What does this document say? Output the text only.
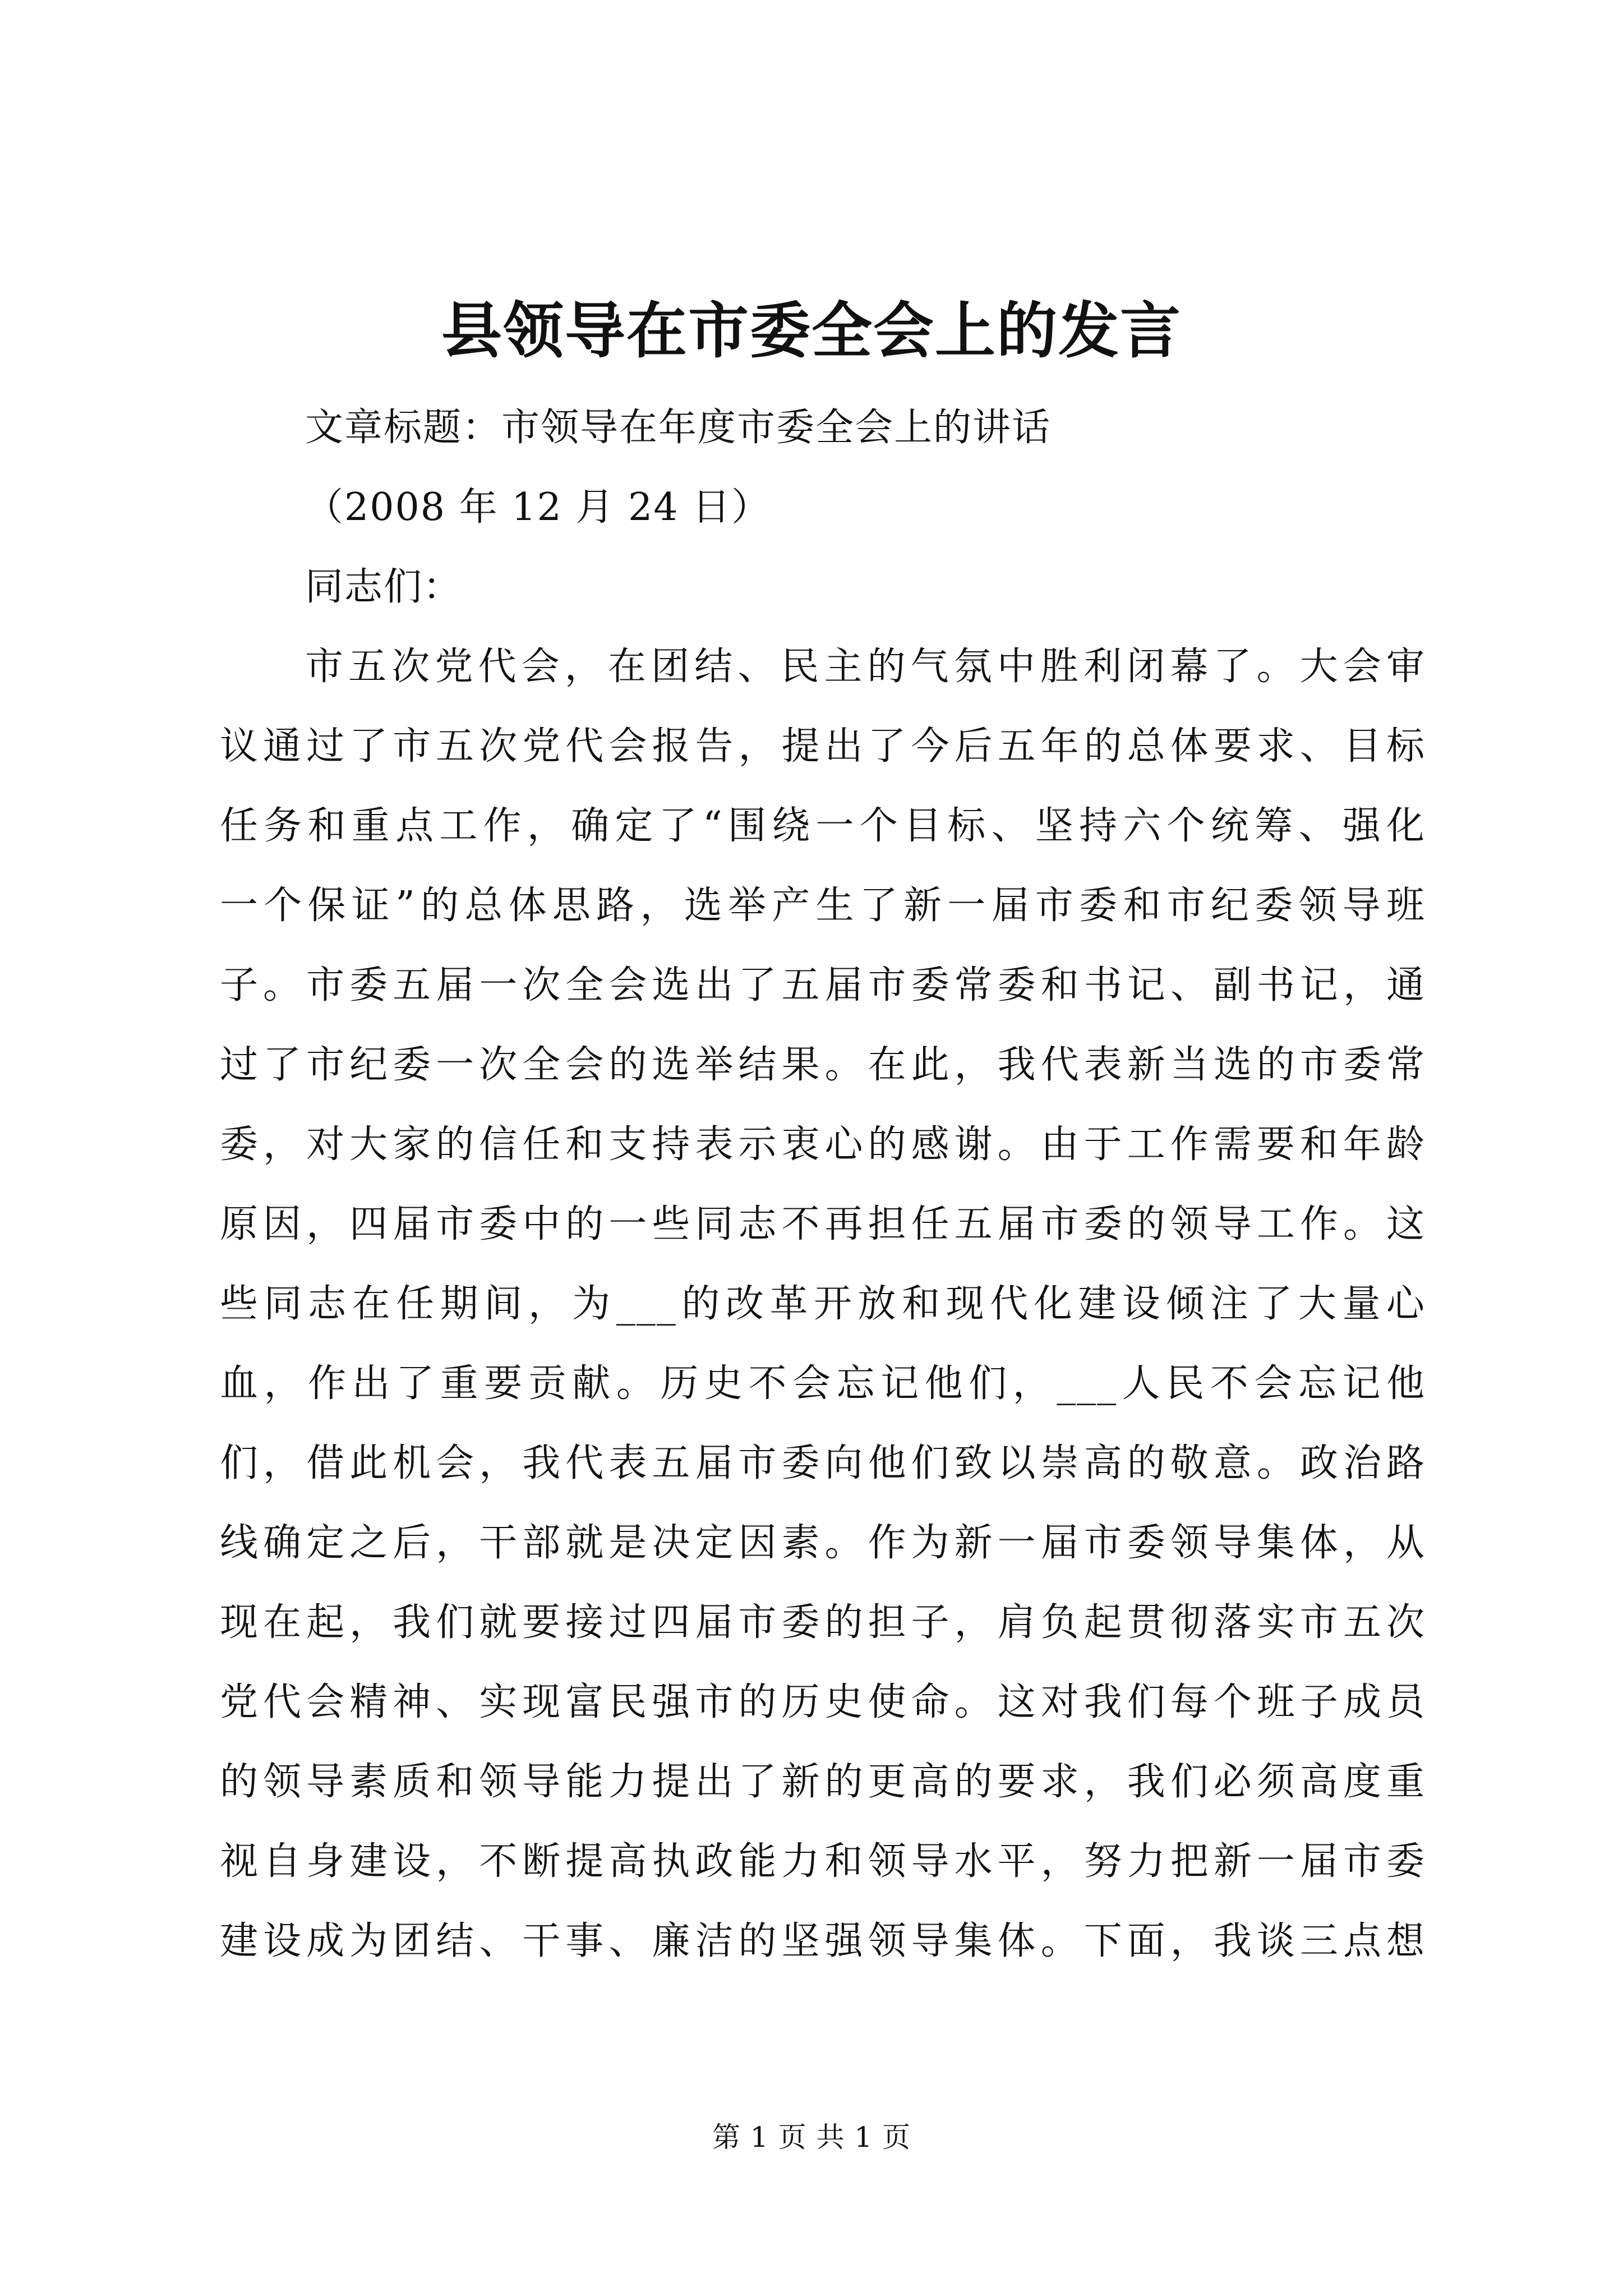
县领导在市委全会上的发言
文章标题：市领导在年度市委全会上的讲话
（2008 年 12 月 24 日）
同志们：
市五次党代会，在团结、民主的气氛中胜利闭幕了。大会审
议通过了市五次党代会报告，提出了今后五年的总体要求、目标
任务和重点工作，确定了“围绕一个目标、坚持六个统筹、强化
一个保证”的总体思路，选举产生了新一届市委和市纪委领导班
子。市委五届一次全会选出了五届市委常委和书记、副书记，通
过了市纪委一次全会的选举结果。在此，我代表新当选的市委常
委，对大家的信任和支持表示衷心的感谢。由于工作需要和年龄
原因，四届市委中的一些同志不再担任五届市委的领导工作。这
些同志在任期间，为___的改革开放和现代化建设倾注了大量心
血，作出了重要贡献。历史不会忘记他们，___人民不会忘记他
们，借此机会，我代表五届市委向他们致以崇高的敬意。政治路
线确定之后，干部就是决定因素。作为新一届市委领导集体，从
现在起，我们就要接过四届市委的担子，肩负起贯彻落实市五次
党代会精神、实现富民强市的历史使命。这对我们每个班子成员
的领导素质和领导能力提出了新的更高的要求，我们必须高度重
视自身建设，不断提高执政能力和领导水平，努力把新一届市委
建设成为团结、干事、廉洁的坚强领导集体。下面，我谈三点想
第 1 页 共 1 页
